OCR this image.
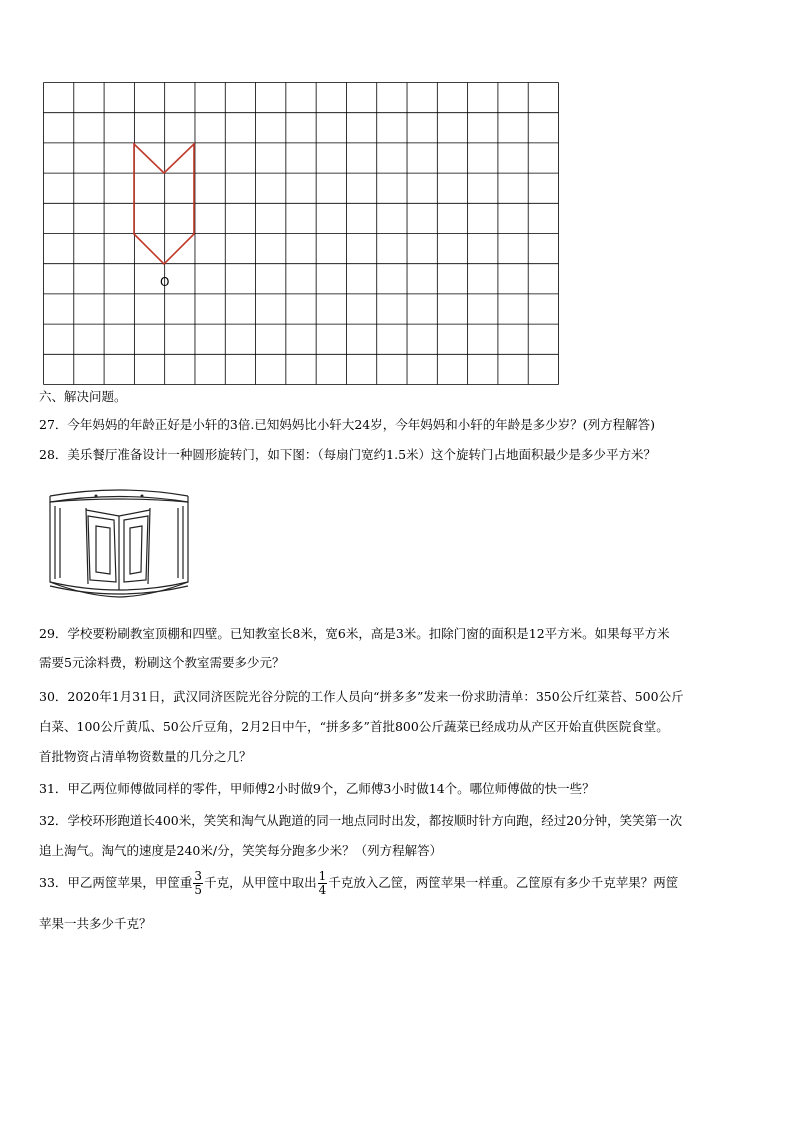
O
六、解决问题。
27．今年妈妈的年龄正好是小轩的3倍.已知妈妈比小轩大24岁，今年妈妈和小轩的年龄是多少岁？(列方程解答)
28．美乐餐厅准备设计一种圆形旋转门，如下图：（每扇门宽约1.5米）这个旋转门占地面积最少是多少平方米？
29．学校要粉刷教室顶棚和四壁。已知教室长8米，宽6米，高是3米。扣除门窗的面积是12平方米。如果每平方米
需要5元涂料费，粉刷这个教室需要多少元？
30．2020年1月31日，武汉同济医院光谷分院的工作人员向“拼多多”发来一份求助清单：350公斤红菜苔、500公斤
白菜、100公斤黄瓜、50公斤豆角，2月2日中午，“拼多多”首批800公斤蔬菜已经成功从产区开始直供医院食堂。
首批物资占清单物资数量的几分之几？
31．甲乙两位师傅做同样的零件，甲师傅2小时做9个，乙师傅3小时做14个。哪位师傅做的快一些？
32．学校环形跑道长400米，笑笑和淘气从跑道的同一地点同时出发，都按顺时针方向跑，经过20分钟，笑笑第一次
追上淘气。淘气的速度是240米/分，笑笑每分跑多少米？（列方程解答）
33．甲乙两筐苹果，甲筐重 $\frac{3}{5}$ 千克，从甲筐中取出 $\frac{1}{4}$ 千克放入乙筐，两筐苹果一样重。乙筐原有多少千克苹果？两筐
苹果一共多少千克？
